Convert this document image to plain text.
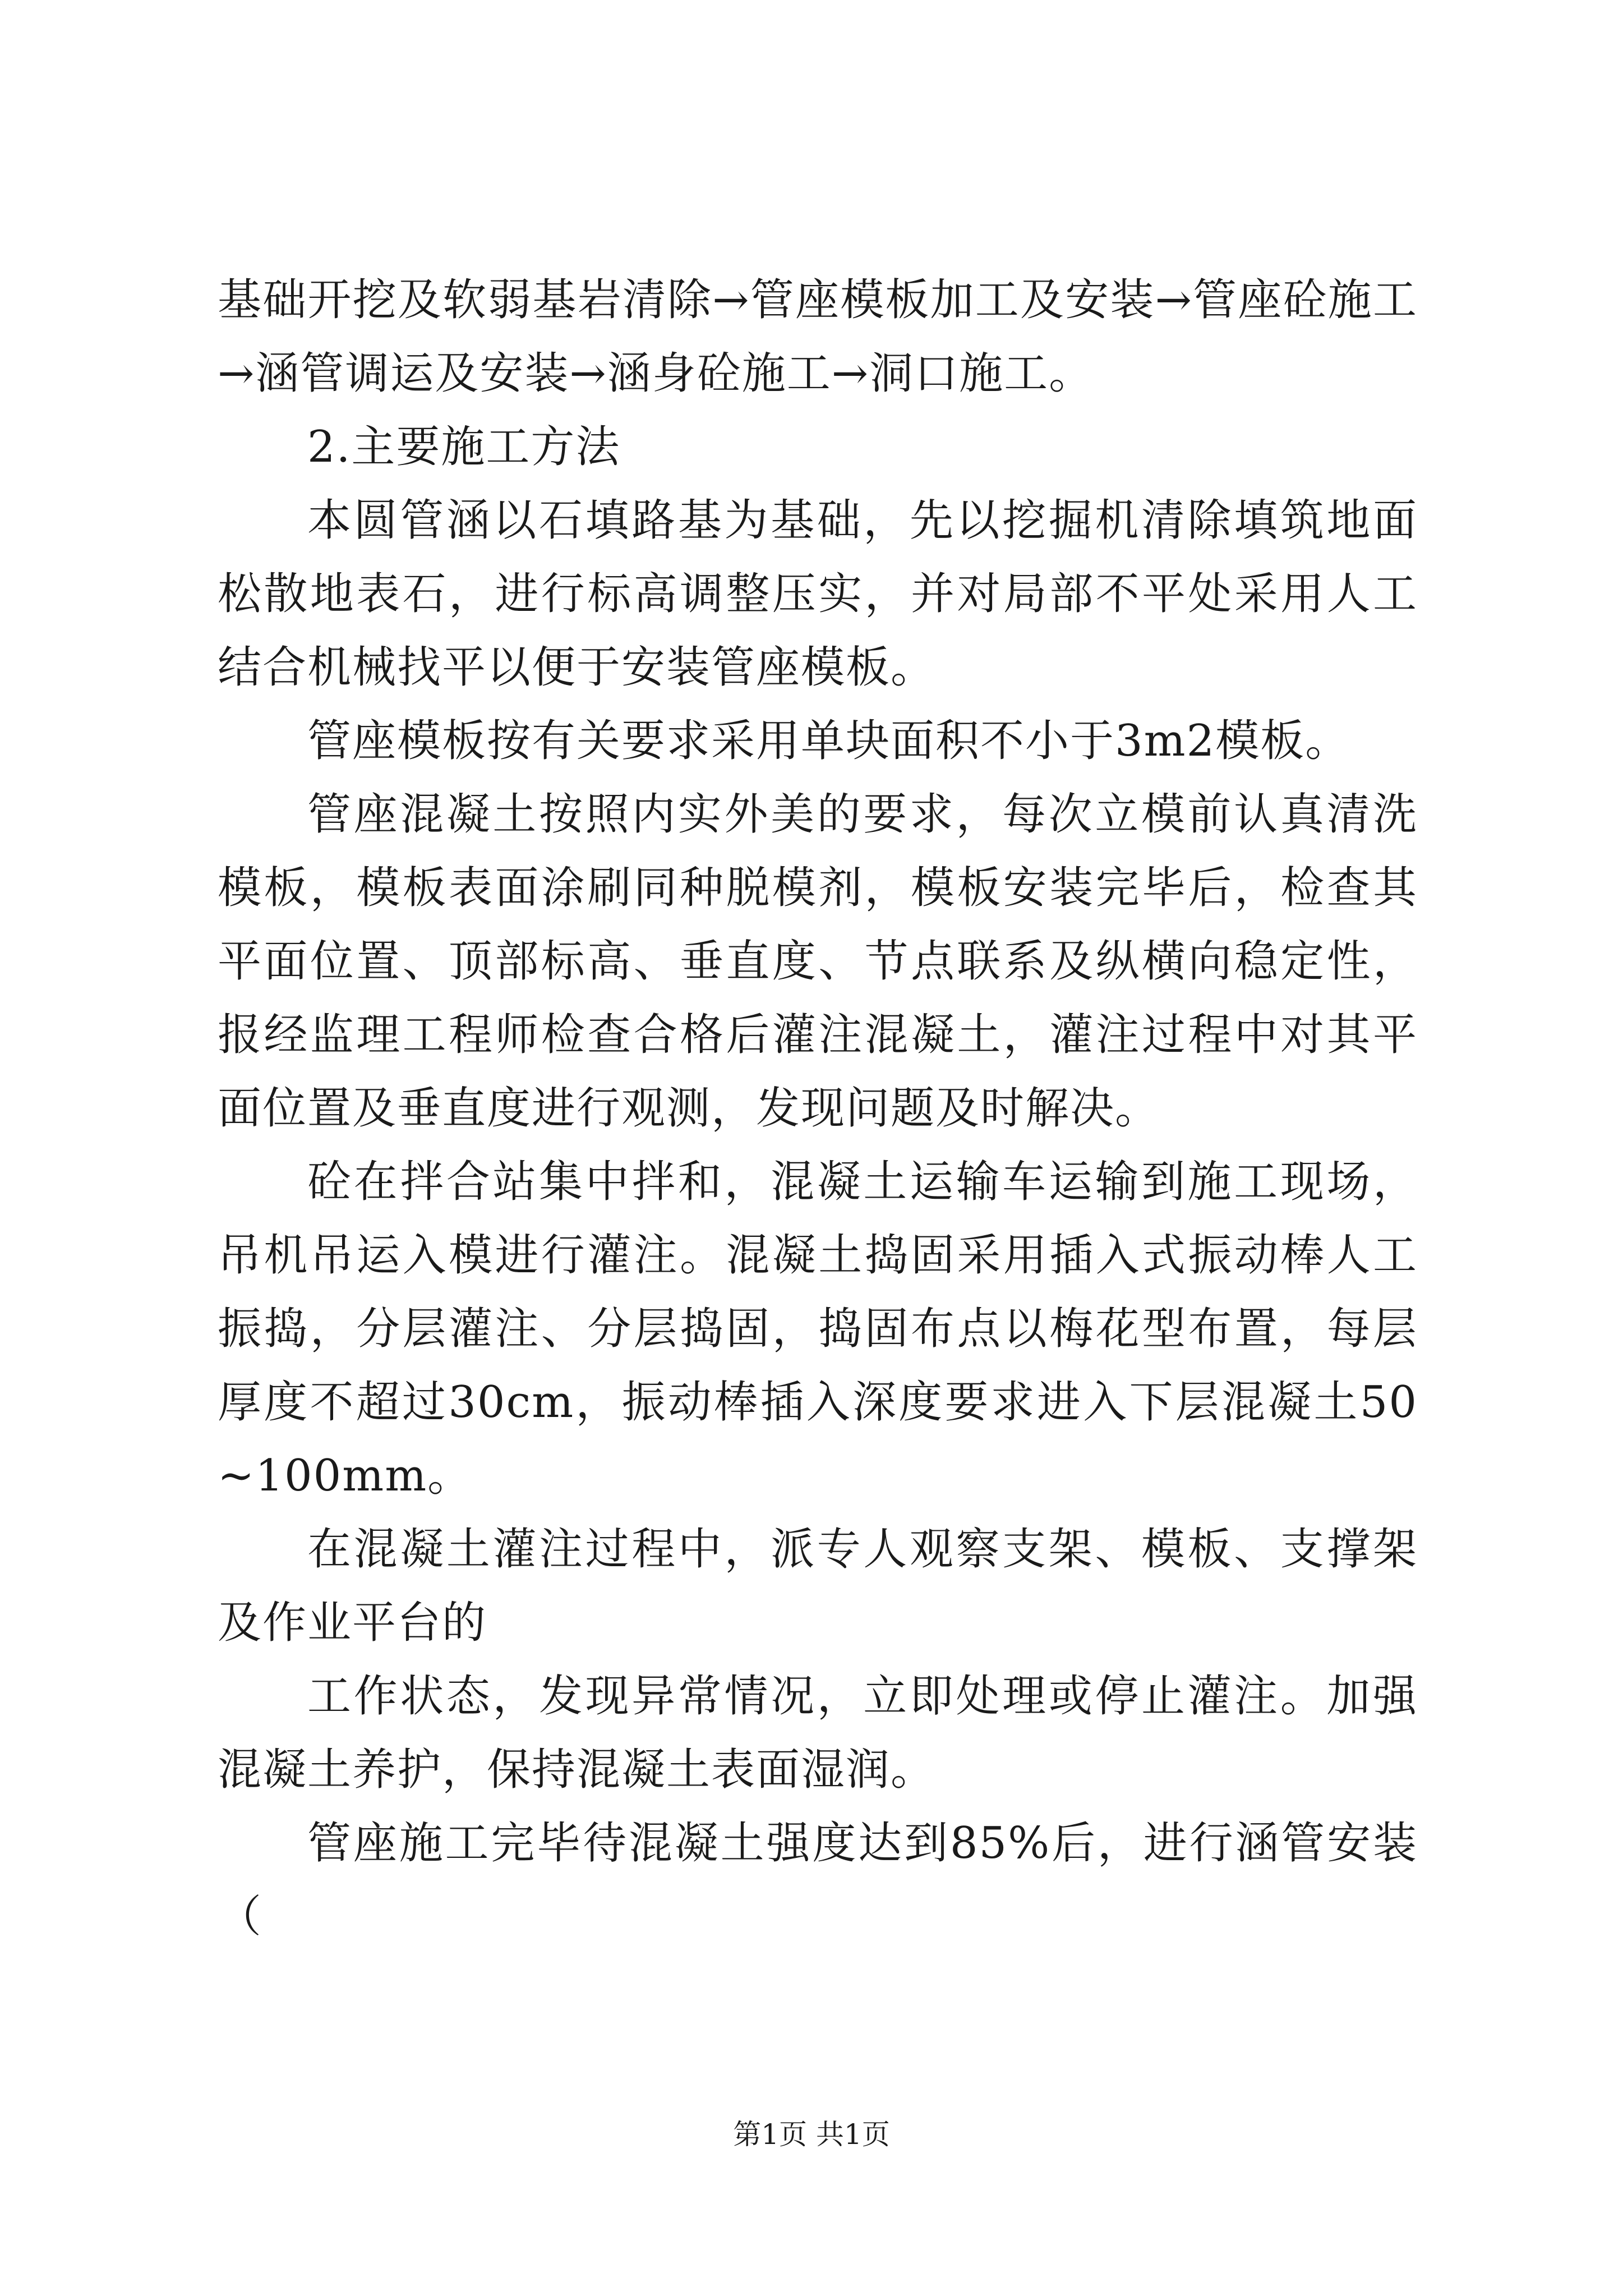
基础开挖及软弱基岩清除→管座模板加工及安装→管座砼施工→涵管调运及安装→涵身砼施工→洞口施工。

2.主要施工方法

本圆管涵以石填路基为基础，先以挖掘机清除填筑地面松散地表石，进行标高调整压实，并对局部不平处采用人工结合机械找平以便于安装管座模板。

管座模板按有关要求采用单块面积不小于3m2模板。

管座混凝土按照内实外美的要求，每次立模前认真清洗模板，模板表面涂刷同种脱模剂，模板安装完毕后，检查其平面位置、顶部标高、垂直度、节点联系及纵横向稳定性，报经监理工程师检查合格后灌注混凝土，灌注过程中对其平面位置及垂直度进行观测，发现问题及时解决。

砼在拌合站集中拌和，混凝土运输车运输到施工现场，吊机吊运入模进行灌注。混凝土捣固采用插入式振动棒人工振捣，分层灌注、分层捣固，捣固布点以梅花型布置，每层厚度不超过30cm，振动棒插入深度要求进入下层混凝土50~100mm。

在混凝土灌注过程中，派专人观察支架、模板、支撑架及作业平台的

工作状态，发现异常情况，立即处理或停止灌注。加强混凝土养护，保持混凝土表面湿润。

管座施工完毕待混凝土强度达到85%后，进行涵管安装（

第1页 共1页
